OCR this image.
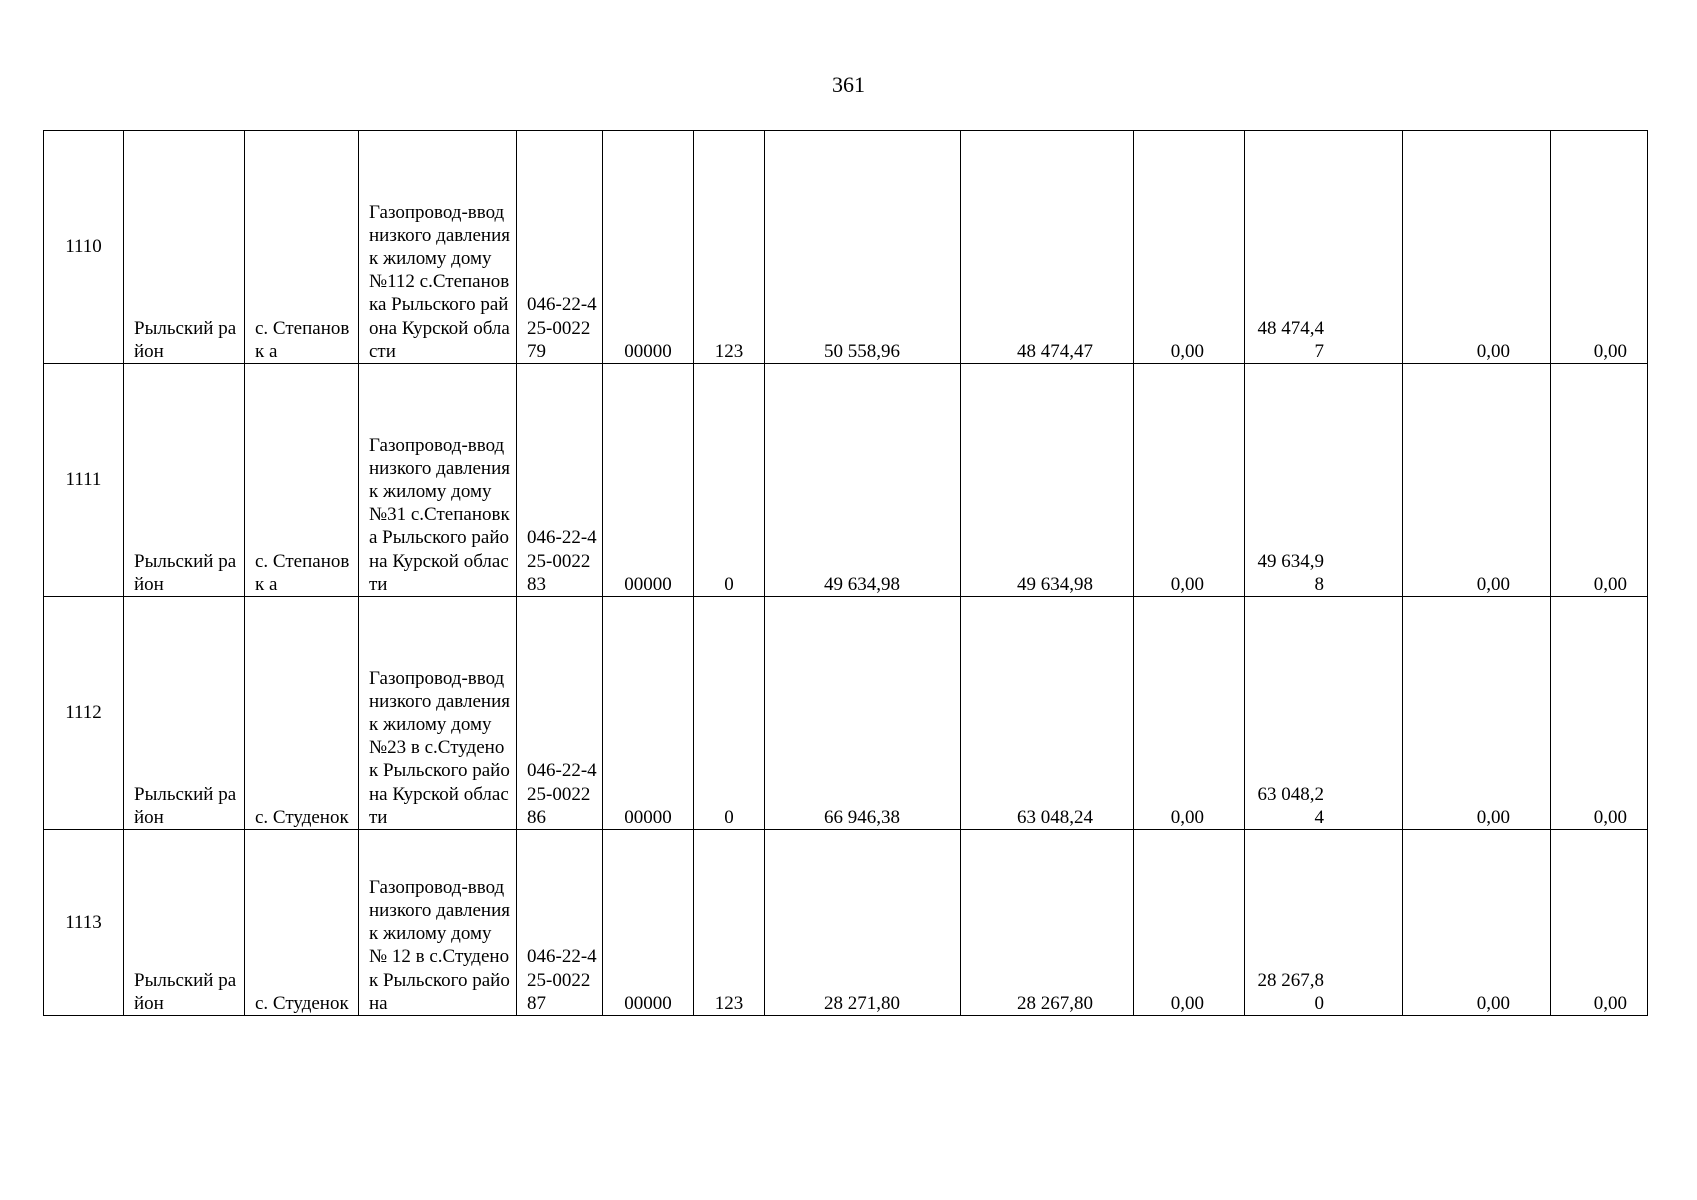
361
1110	Рыльский район	с. Степановк а	Газопровод-ввод низкого давления к жилому дому №112 с.Степановка Рыльского района Курской области	046-22-425-002279	00000	123	50 558,96	48 474,47	0,00	48 474,47	0,00	0,00
1111	Рыльский район	с. Степановк а	Газопровод-ввод низкого давления к жилому дому №31 с.Степановка Рыльского района Курской области	046-22-425-002283	00000	0	49 634,98	49 634,98	0,00	49 634,98	0,00	0,00
1112	Рыльский район	с. Студенок	Газопровод-ввод низкого давления к жилому дому №23 в с.Студенок Рыльского района Курской области	046-22-425-002286	00000	0	66 946,38	63 048,24	0,00	63 048,24	0,00	0,00
1113	Рыльский район	с. Студенок	Газопровод-ввод низкого давления к жилому дому № 12 в с.Студенок Рыльского района	046-22-425-002287	00000	123	28 271,80	28 267,80	0,00	28 267,80	0,00	0,00
